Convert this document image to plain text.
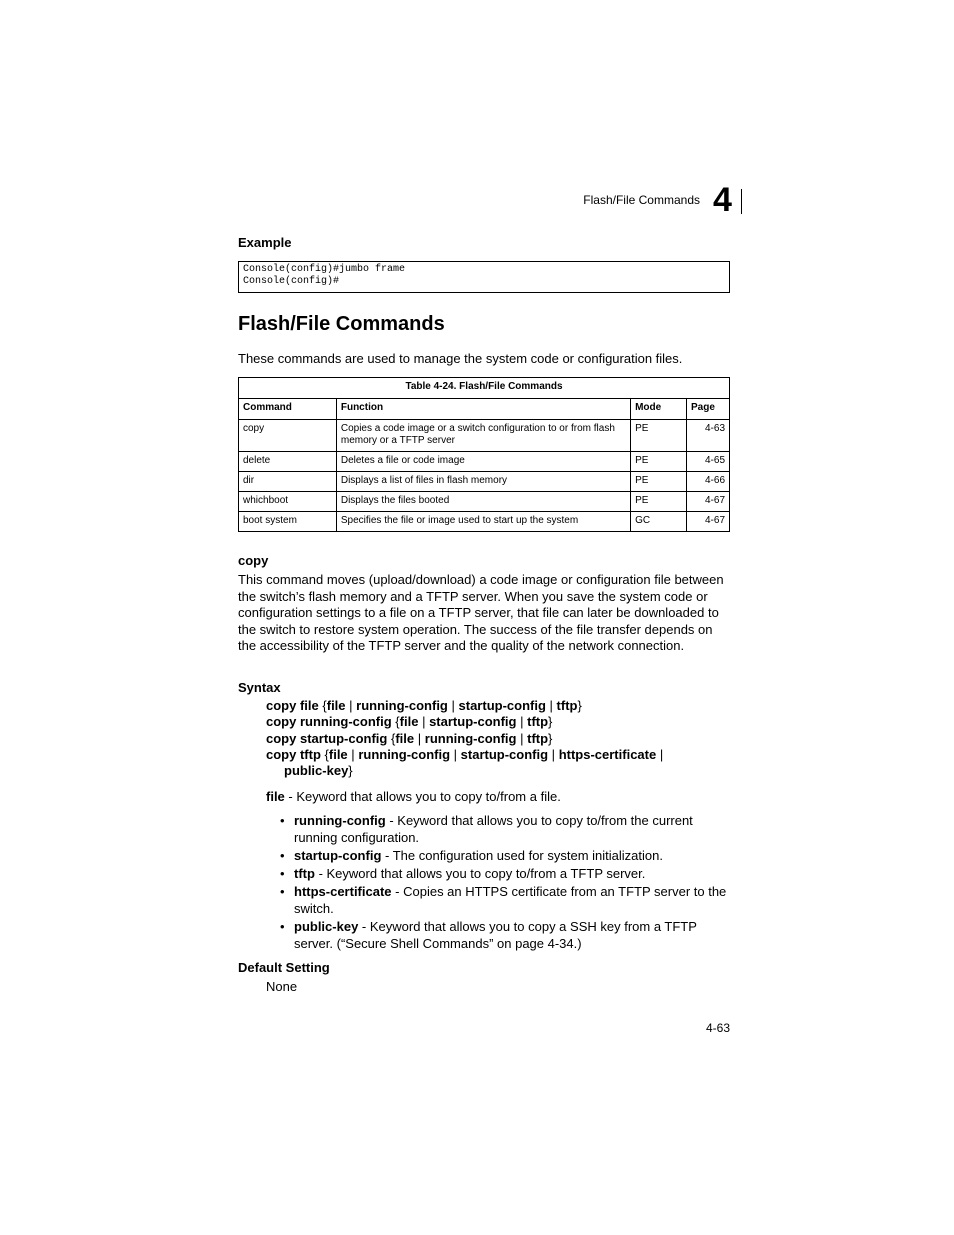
Flash/File Commands 4
Example
Console(config)#jumbo frame
Console(config)#
Flash/File Commands
These commands are used to manage the system code or configuration files.
Table 4-24. Flash/File Commands			
Command	Function	Mode	Page
copy	Copies a code image or a switch configuration to or from flash memory or a TFTP server	PE	4-63
delete	Deletes a file or code image	PE	4-65
dir	Displays a list of files in flash memory	PE	4-66
whichboot	Displays the files booted	PE	4-67
boot system	Specifies the file or image used to start up the system	GC	4-67
copy
This command moves (upload/download) a code image or configuration file between the switch’s flash memory and a TFTP server. When you save the system code or configuration settings to a file on a TFTP server, that file can later be downloaded to the switch to restore system operation. The success of the file transfer depends on the accessibility of the TFTP server and the quality of the network connection.
Syntax
copy file {file | running-config | startup-config | tftp}
copy running-config {file | startup-config | tftp}
copy startup-config {file | running-config | tftp}
copy tftp {file | running-config | startup-config | https-certificate |
public-key}
file - Keyword that allows you to copy to/from a file.
• running-config - Keyword that allows you to copy to/from the current running configuration.
• startup-config - The configuration used for system initialization.
• tftp - Keyword that allows you to copy to/from a TFTP server.
• https-certificate - Copies an HTTPS certificate from an TFTP server to the switch.
• public-key - Keyword that allows you to copy a SSH key from a TFTP server. (“Secure Shell Commands” on page 4-34.)
Default Setting
None
4-63
